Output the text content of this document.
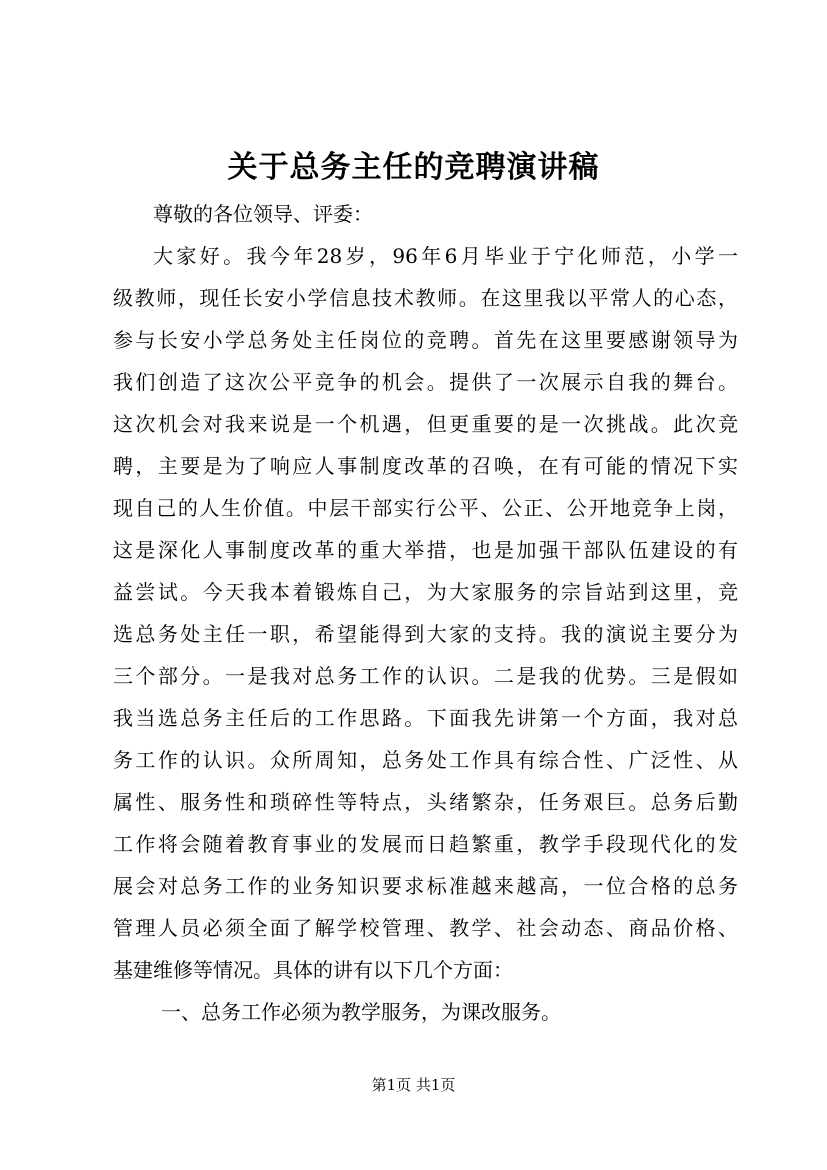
关于总务主任的竞聘演讲稿
尊敬的各位领导、评委：
大家好。我今年28岁，96年6月毕业于宁化师范，小学一
级教师，现任长安小学信息技术教师。在这里我以平常人的心态，
参与长安小学总务处主任岗位的竞聘。首先在这里要感谢领导为
我们创造了这次公平竞争的机会。提供了一次展示自我的舞台。
这次机会对我来说是一个机遇，但更重要的是一次挑战。此次竞
聘，主要是为了响应人事制度改革的召唤，在有可能的情况下实
现自己的人生价值。中层干部实行公平、公正、公开地竞争上岗，
这是深化人事制度改革的重大举措，也是加强干部队伍建设的有
益尝试。今天我本着锻炼自己，为大家服务的宗旨站到这里，竞
选总务处主任一职，希望能得到大家的支持。我的演说主要分为
三个部分。一是我对总务工作的认识。二是我的优势。三是假如
我当选总务主任后的工作思路。下面我先讲第一个方面，我对总
务工作的认识。众所周知，总务处工作具有综合性、广泛性、从
属性、服务性和琐碎性等特点，头绪繁杂，任务艰巨。总务后勤
工作将会随着教育事业的发展而日趋繁重，教学手段现代化的发
展会对总务工作的业务知识要求标准越来越高，一位合格的总务
管理人员必须全面了解学校管理、教学、社会动态、商品价格、
基建维修等情况。具体的讲有以下几个方面：
一、总务工作必须为教学服务，为课改服务。
第1页 共1页
